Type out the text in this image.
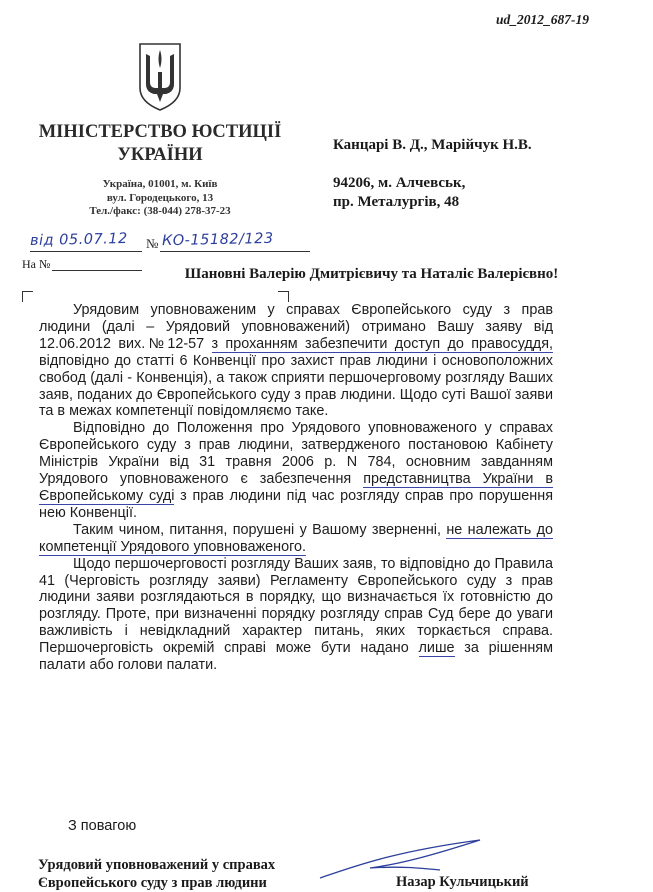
ud_2012_687-19
МІНІСТЕРСТВО ЮСТИЦІЇ
УКРАЇНИ
Україна, 01001, м. Київ
вул. Городецького, 13
Тел./факс: (38-044) 278-37-23
Канцарі В. Д., Марійчук Н.В.
94206, м. Алчевськ,
пр. Металургів, 48
від 05.07.12 № КО-15182/123
На №
Шановні Валерію Дмитрієвичу та Наталіє Валерієвно!

Урядовим уповноваженим у справах Європейського суду з прав людини (далі – Урядовий уповноважений) отримано Вашу заяву від 12.06.2012 вих.№12-57 з проханням забезпечити доступ до правосуддя, відповідно до статті 6 Конвенції про захист прав людини і основоположних свобод (далі - Конвенція), а також сприяти першочерговому розгляду Ваших заяв, поданих до Європейського суду з прав людини. Щодо суті Вашої заяви та в межах компетенції повідомляємо таке.

Відповідно до Положення про Урядового уповноваженого у справах Європейського суду з прав людини, затвердженого постановою Кабінету Міністрів України від 31 травня 2006 р. N 784, основним завданням Урядового уповноваженого є забезпечення представництва України в Європейському суді з прав людини під час розгляду справ про порушення нею Конвенції.

Таким чином, питання, порушені у Вашому зверненні, не належать до компетенції Урядового уповноваженого.

Щодо першочерговості розгляду Ваших заяв, то відповідно до Правила 41 (Черговість розгляду заяви) Регламенту Європейського суду з прав людини заяви розглядаються в порядку, що визначається їх готовністю до розгляду. Проте, при визначенні порядку розгляду справ Суд бере до уваги важливість і невідкладний характер питань, яких торкається справа. Першочерговість окремій справі може бути надано лише за рішенням палати або голови палати.

З повагою
Урядовий уповноважений у справах
Європейського суду з прав людини	Назар Кульчицький
